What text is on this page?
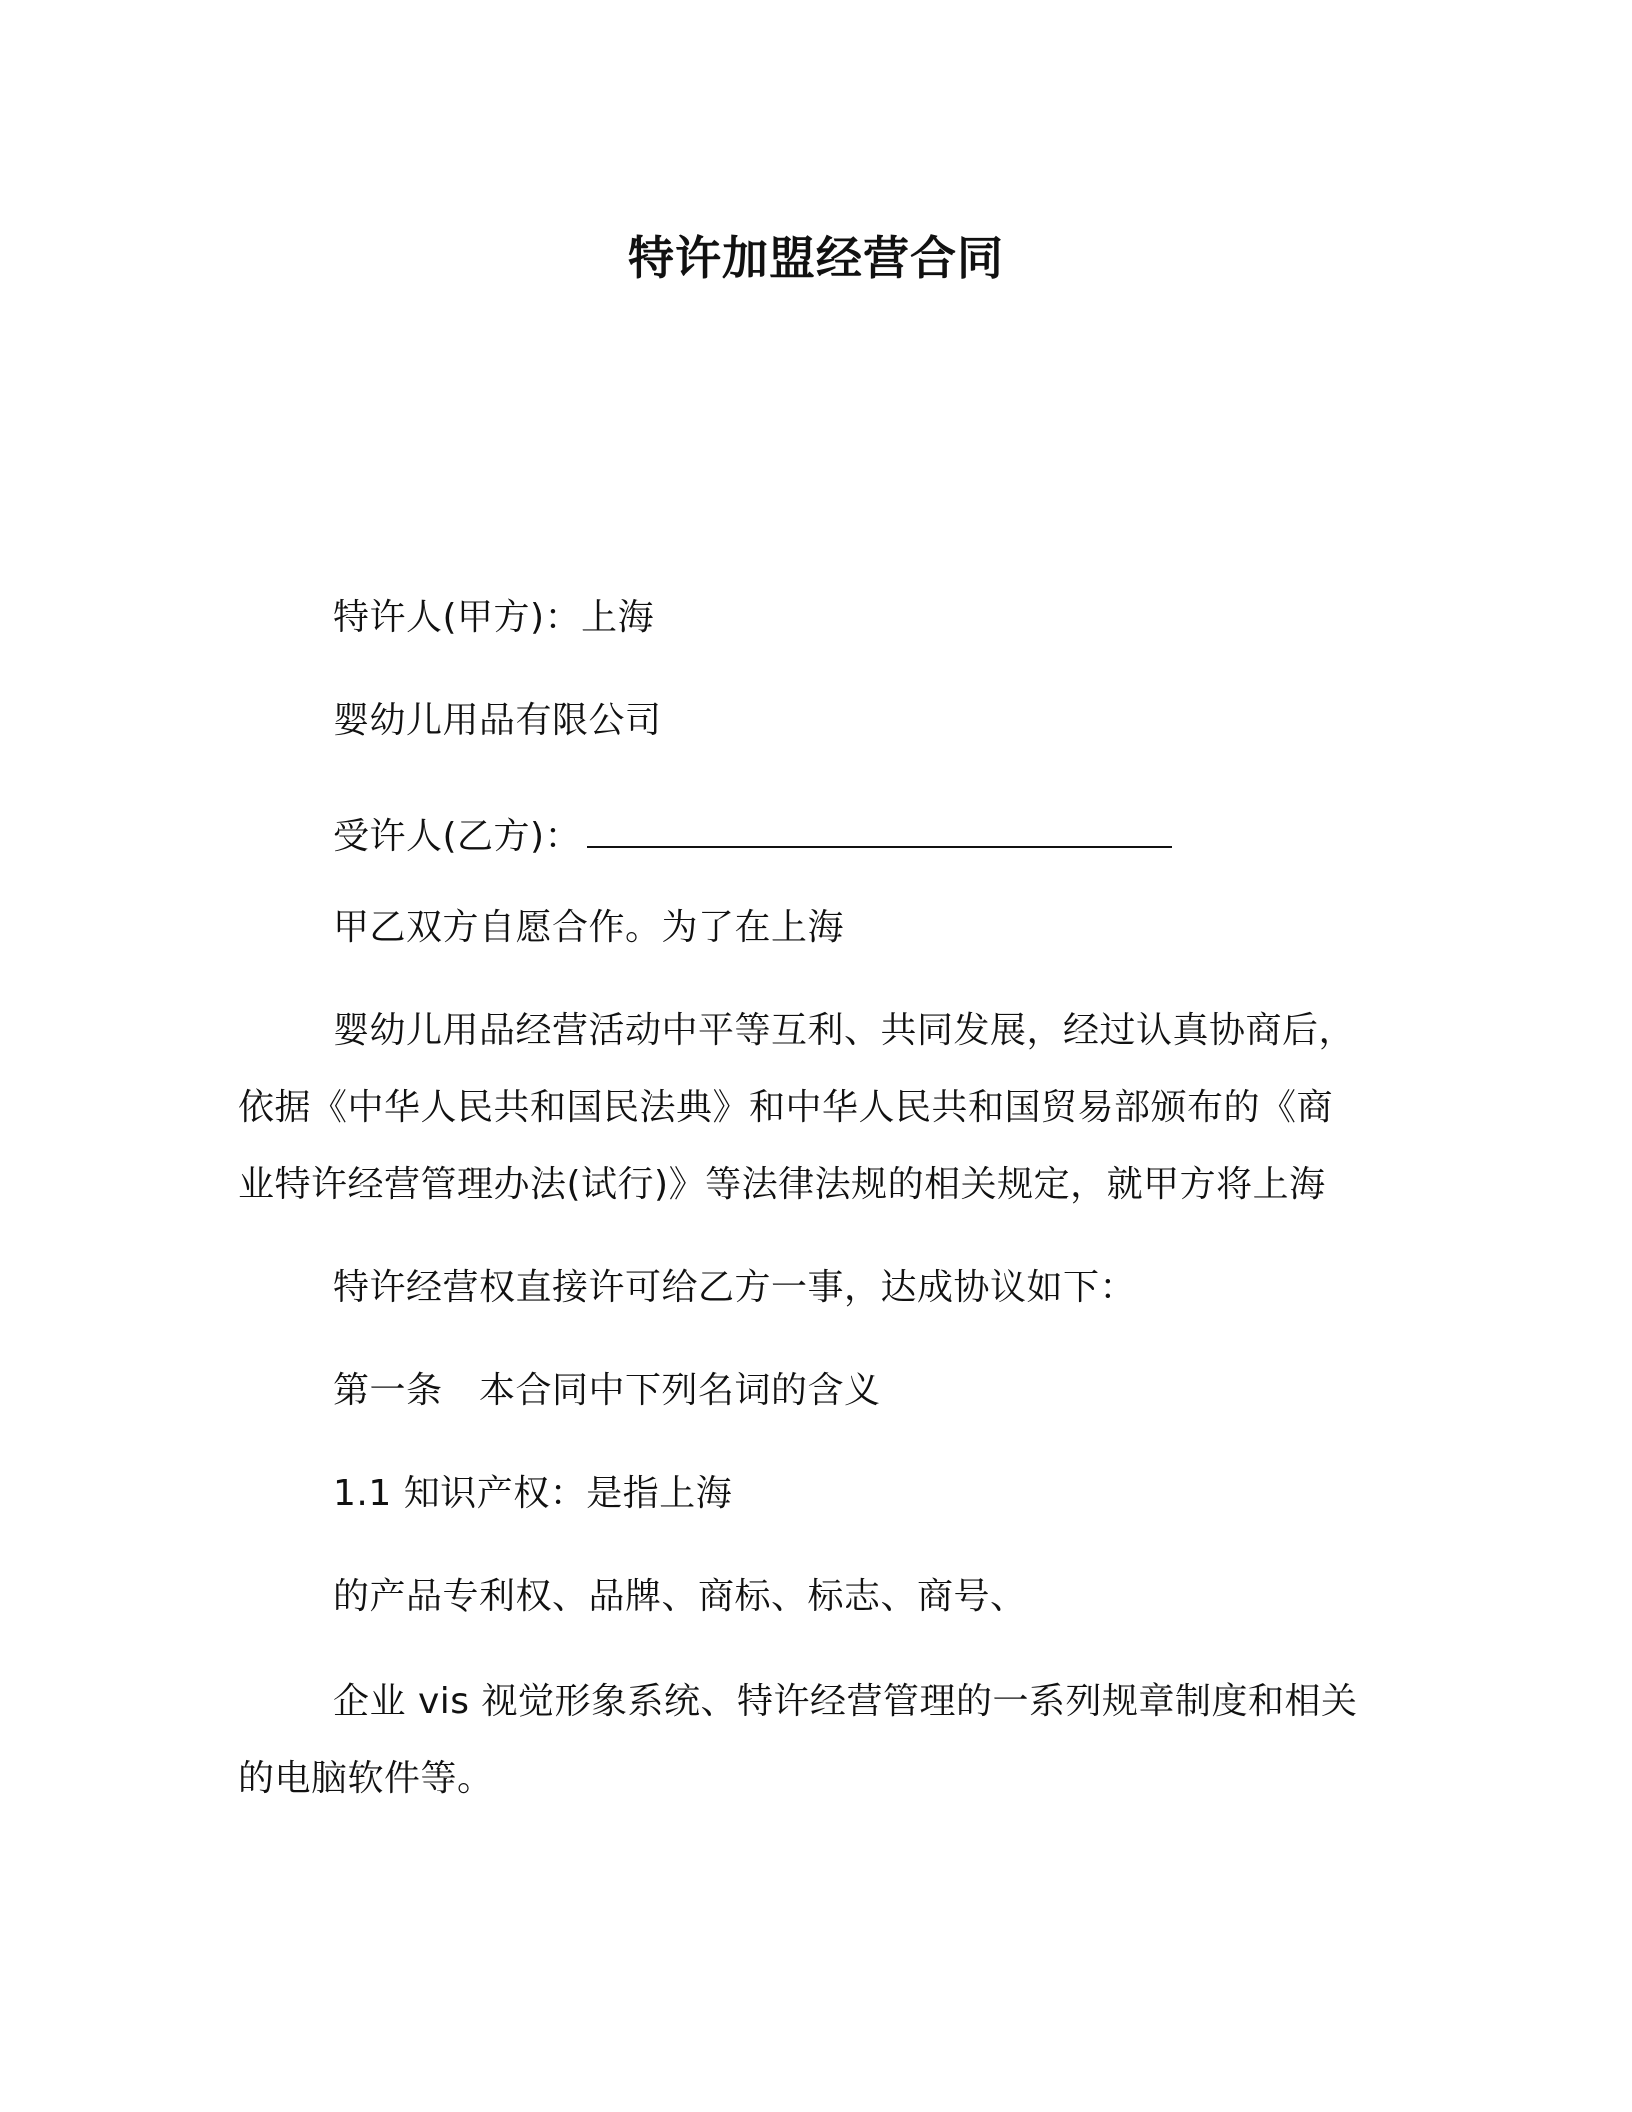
特许加盟经营合同
特许人(甲方)：上海
婴幼儿用品有限公司
受许人(乙方)：
甲乙双方自愿合作。为了在上海
婴幼儿用品经营活动中平等互利、共同发展，经过认真协商后，
依据《中华人民共和国民法典》和中华人民共和国贸易部颁布的《商
业特许经营管理办法(试行)》等法律法规的相关规定，就甲方将上海
特许经营权直接许可给乙方一事，达成协议如下：
第一条　本合同中下列名词的含义
1.1 知识产权：是指上海
的产品专利权、品牌、商标、标志、商号、
企业 vis 视觉形象系统、特许经营管理的一系列规章制度和相关
的电脑软件等。
